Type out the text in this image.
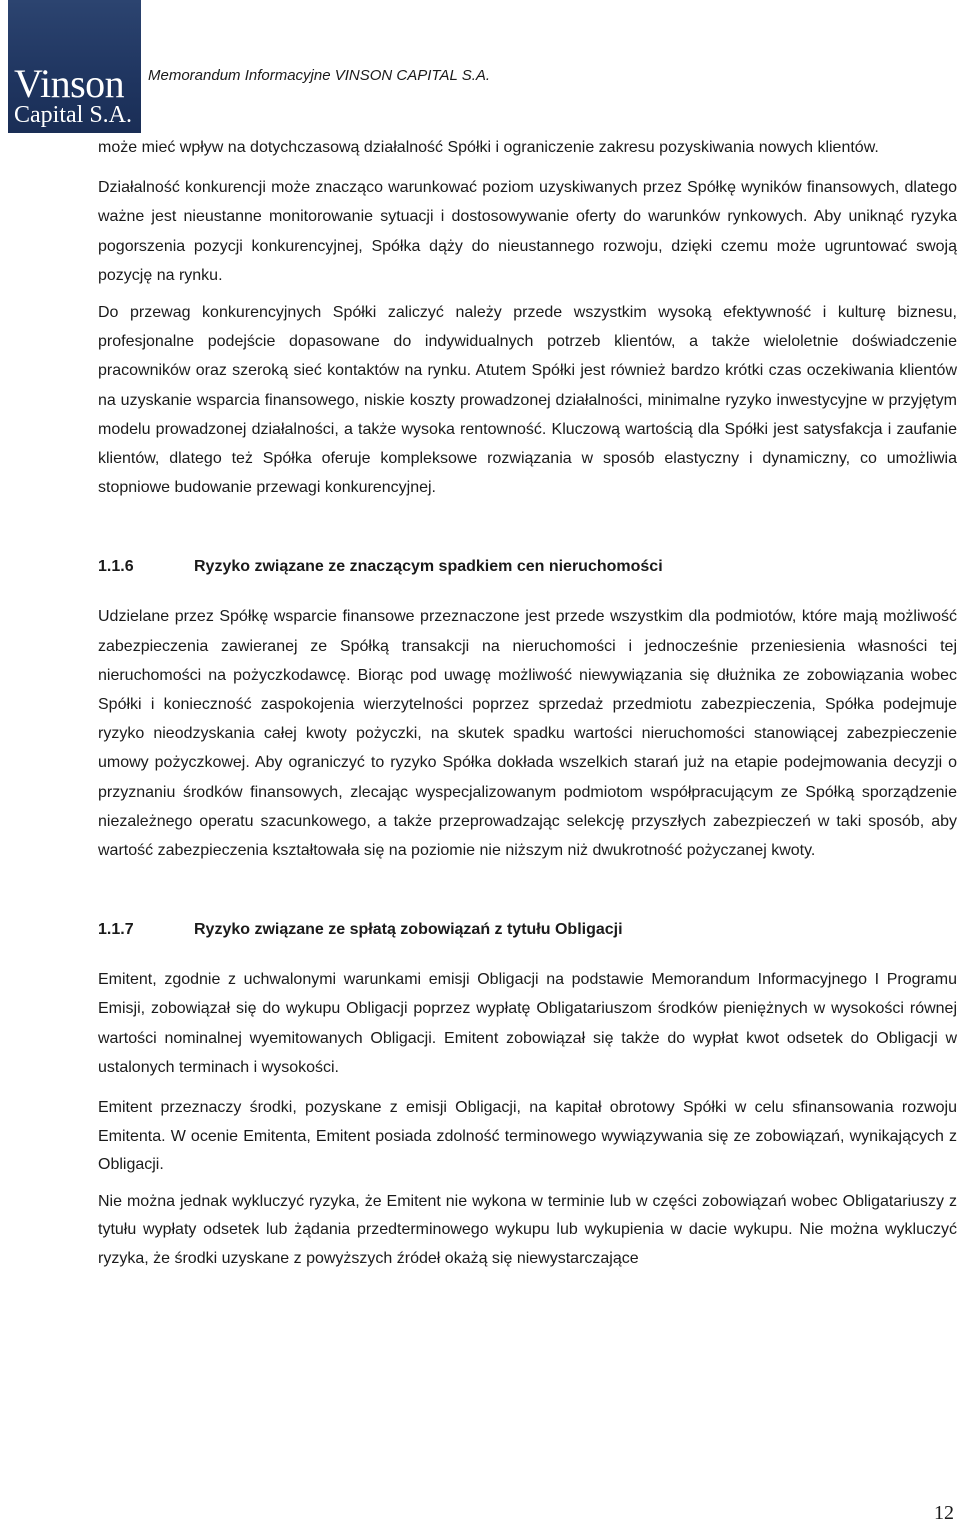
Vinson
Capital S.A.
Memorandum Informacyjne VINSON CAPITAL S.A.

może mieć wpływ na dotychczasową działalność Spółki i ograniczenie zakresu pozyskiwania nowych klientów.

Działalność konkurencji może znacząco warunkować poziom uzyskiwanych przez Spółkę wyników finansowych, dlatego ważne jest nieustanne monitorowanie sytuacji i dostosowywanie oferty do warunków rynkowych. Aby uniknąć ryzyka pogorszenia pozycji konkurencyjnej, Spółka dąży do nieustannego rozwoju, dzięki czemu może ugruntować swoją pozycję na rynku.

Do przewag konkurencyjnych Spółki zaliczyć należy przede wszystkim wysoką efektywność i kulturę biznesu, profesjonalne podejście dopasowane do indywidualnych potrzeb klientów, a także wieloletnie doświadczenie pracowników oraz szeroką sieć kontaktów na rynku. Atutem Spółki jest również bardzo krótki czas oczekiwania klientów na uzyskanie wsparcia finansowego, niskie koszty prowadzonej działalności, minimalne ryzyko inwestycyjne w przyjętym modelu prowadzonej działalności, a także wysoka rentowność. Kluczową wartością dla Spółki jest satysfakcja i zaufanie klientów, dlatego też Spółka oferuje kompleksowe rozwiązania w sposób elastyczny i dynamiczny, co umożliwia stopniowe budowanie przewagi konkurencyjnej.

1.1.6	Ryzyko związane ze znaczącym spadkiem cen nieruchomości

Udzielane przez Spółkę wsparcie finansowe przeznaczone jest przede wszystkim dla podmiotów, które mają możliwość zabezpieczenia zawieranej ze Spółką transakcji na nieruchomości i jednocześnie przeniesienia własności tej nieruchomości na pożyczkodawcę. Biorąc pod uwagę możliwość niewywiązania się dłużnika ze zobowiązania wobec Spółki i konieczność zaspokojenia wierzytelności poprzez sprzedaż przedmiotu zabezpieczenia, Spółka podejmuje ryzyko nieodzyskania całej kwoty pożyczki, na skutek spadku wartości nieruchomości stanowiącej zabezpieczenie umowy pożyczkowej. Aby ograniczyć to ryzyko Spółka dokłada wszelkich starań już na etapie podejmowania decyzji o przyznaniu środków finansowych, zlecając wyspecjalizowanym podmiotom współpracującym ze Spółką sporządzenie niezależnego operatu szacunkowego, a także przeprowadzając selekcję przyszłych zabezpieczeń w taki sposób, aby wartość zabezpieczenia kształtowała się na poziomie nie niższym niż dwukrotność pożyczanej kwoty.

1.1.7	Ryzyko związane ze spłatą zobowiązań z tytułu Obligacji

Emitent, zgodnie z uchwalonymi warunkami emisji Obligacji na podstawie Memorandum Informacyjnego I Programu Emisji, zobowiązał się do wykupu Obligacji poprzez wypłatę Obligatariuszom środków pieniężnych w wysokości równej wartości nominalnej wyemitowanych Obligacji. Emitent zobowiązał się także do wypłat kwot odsetek do Obligacji w ustalonych terminach i wysokości.

Emitent przeznaczy środki, pozyskane z emisji Obligacji, na kapitał obrotowy Spółki w celu sfinansowania rozwoju Emitenta. W ocenie Emitenta, Emitent posiada zdolność terminowego wywiązywania się ze zobowiązań, wynikających z Obligacji.

Nie można jednak wykluczyć ryzyka, że Emitent nie wykona w terminie lub w części zobowiązań wobec Obligatariuszy z tytułu wypłaty odsetek lub żądania przedterminowego wykupu lub wykupienia w dacie wykupu. Nie można wykluczyć ryzyka, że środki uzyskane z powyższych źródeł okażą się niewystarczające

12
